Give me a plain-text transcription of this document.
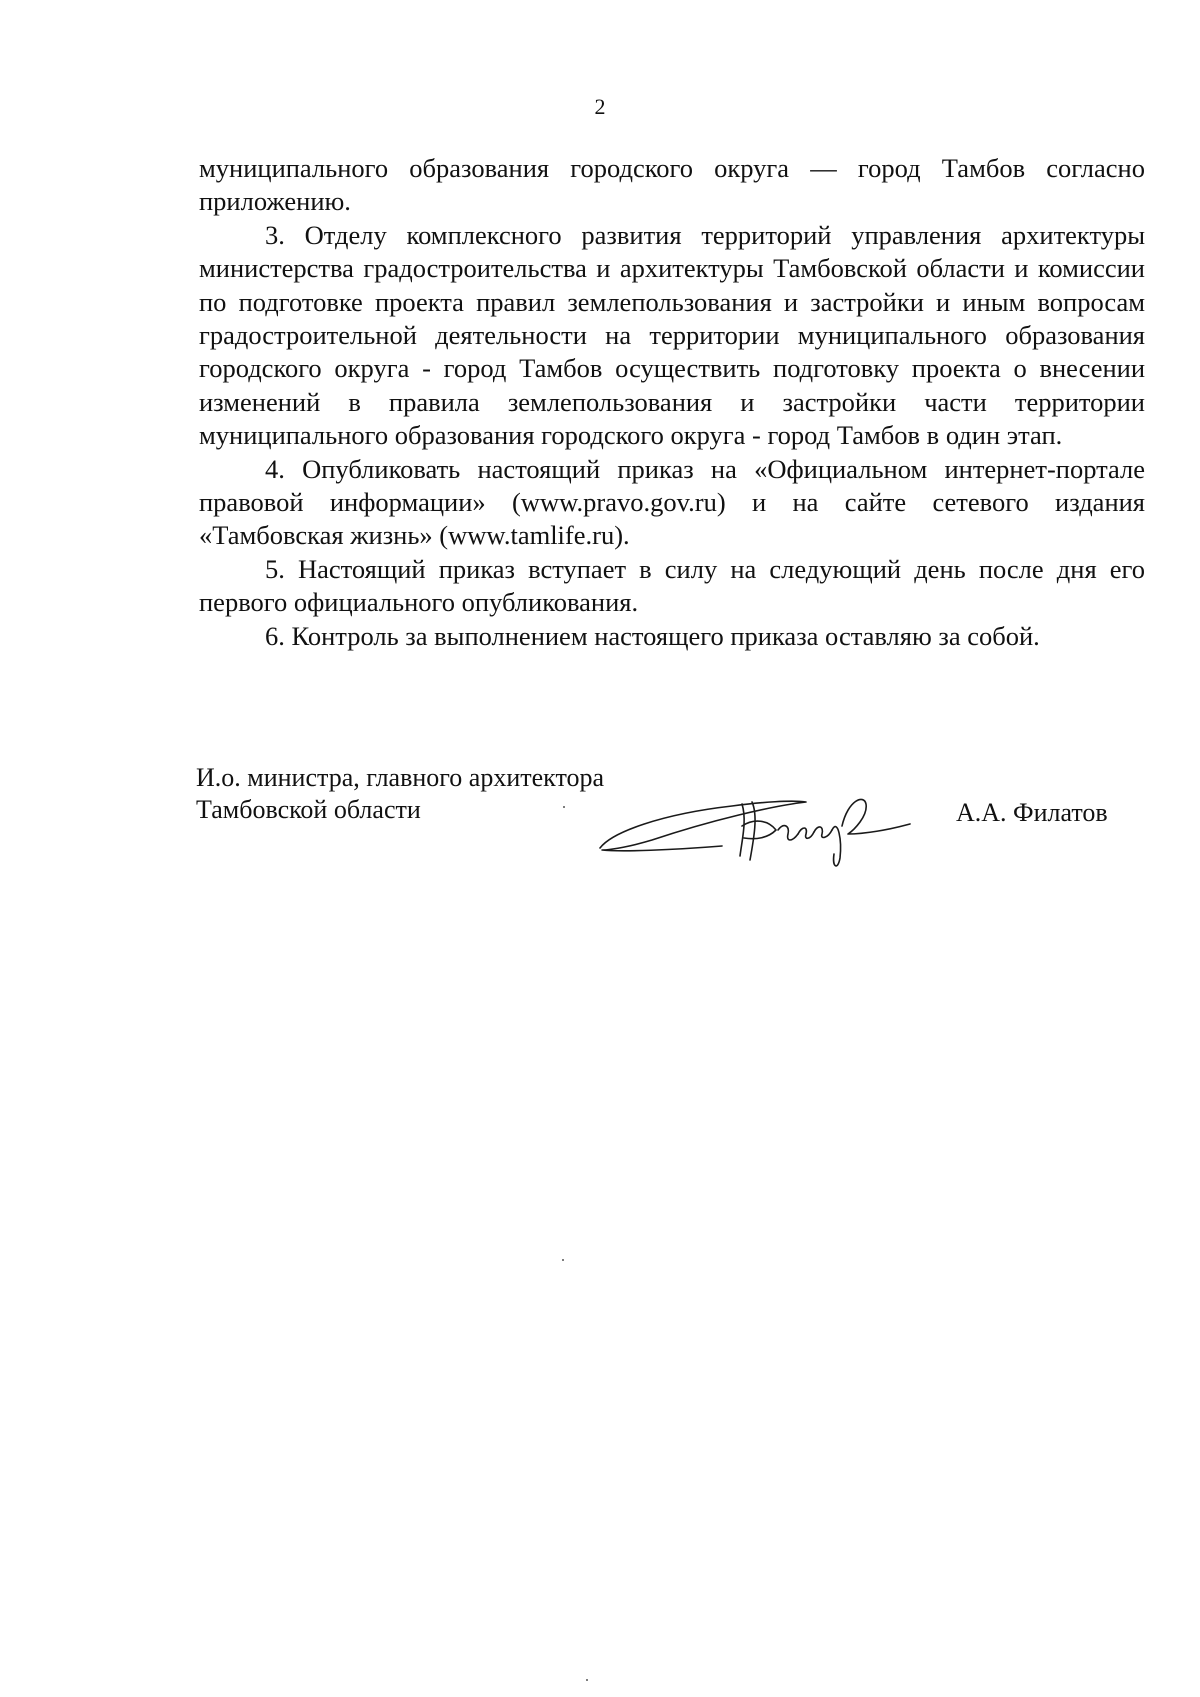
2

муниципального образования городского округа — город Тамбов согласно приложению.

3. Отделу комплексного развития территорий управления архитектуры министерства градостроительства и архитектуры Тамбовской области и комиссии по подготовке проекта правил землепользования и застройки и иным вопросам градостроительной деятельности на территории муниципального образования городского округа - город Тамбов осуществить подготовку проекта о внесении изменений в правила землепользования и застройки части территории муниципального образования городского округа - город Тамбов в один этап.

4. Опубликовать настоящий приказ на «Официальном интернет-портале правовой информации» (www.pravo.gov.ru) и на сайте сетевого издания «Тамбовская жизнь» (www.tamlife.ru).

5. Настоящий приказ вступает в силу на следующий день после дня его первого официального опубликования.

6. Контроль за выполнением настоящего приказа оставляю за собой.

И.о. министра, главного архитектора
Тамбовской области	А.А. Филатов
